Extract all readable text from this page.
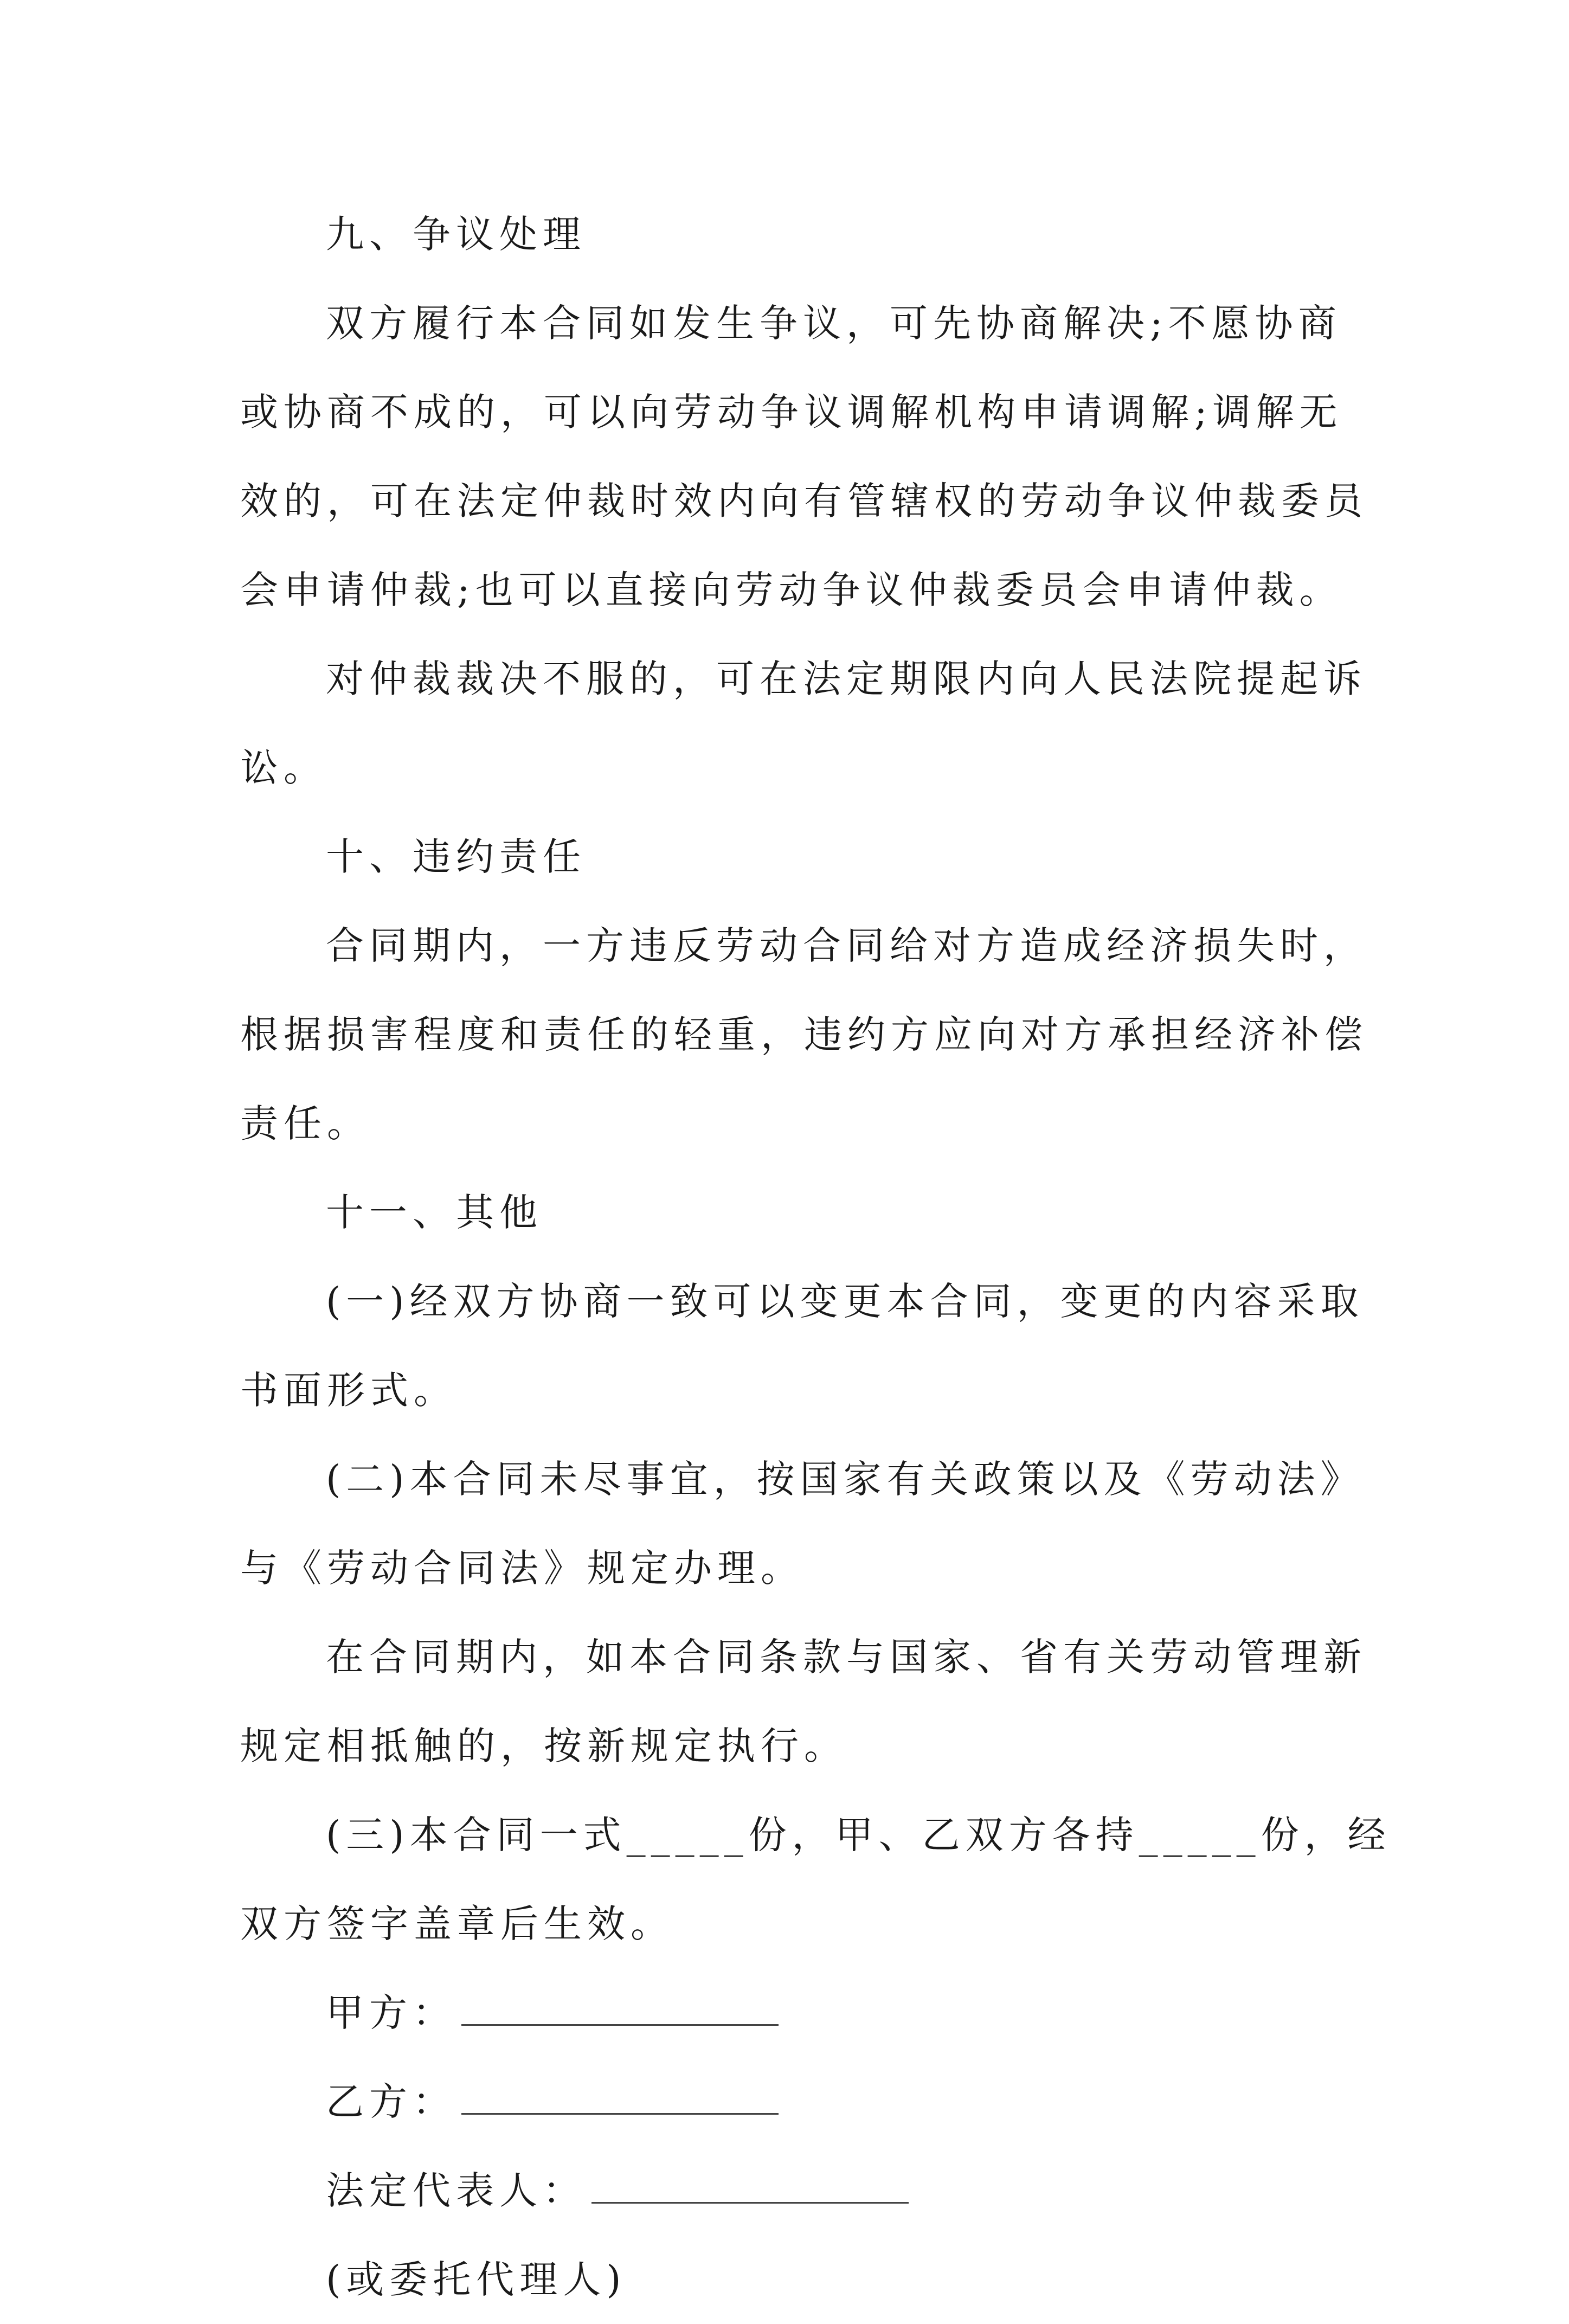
九、争议处理
双方履行本合同如发生争议，可先协商解决;不愿协商
或协商不成的，可以向劳动争议调解机构申请调解;调解无
效的，可在法定仲裁时效内向有管辖权的劳动争议仲裁委员
会申请仲裁;也可以直接向劳动争议仲裁委员会申请仲裁。
对仲裁裁决不服的，可在法定期限内向人民法院提起诉
讼。
十、违约责任
合同期内，一方违反劳动合同给对方造成经济损失时，
根据损害程度和责任的轻重，违约方应向对方承担经济补偿
责任。
十一、其他
(一)经双方协商一致可以变更本合同，变更的内容采取
书面形式。
(二)本合同未尽事宜，按国家有关政策以及《劳动法》
与《劳动合同法》规定办理。
在合同期内，如本合同条款与国家、省有关劳动管理新
规定相抵触的，按新规定执行。
(三)本合同一式_____份，甲、乙双方各持_____份，经
双方签字盖章后生效。
甲方：
乙方：
法定代表人：
(或委托代理人)
